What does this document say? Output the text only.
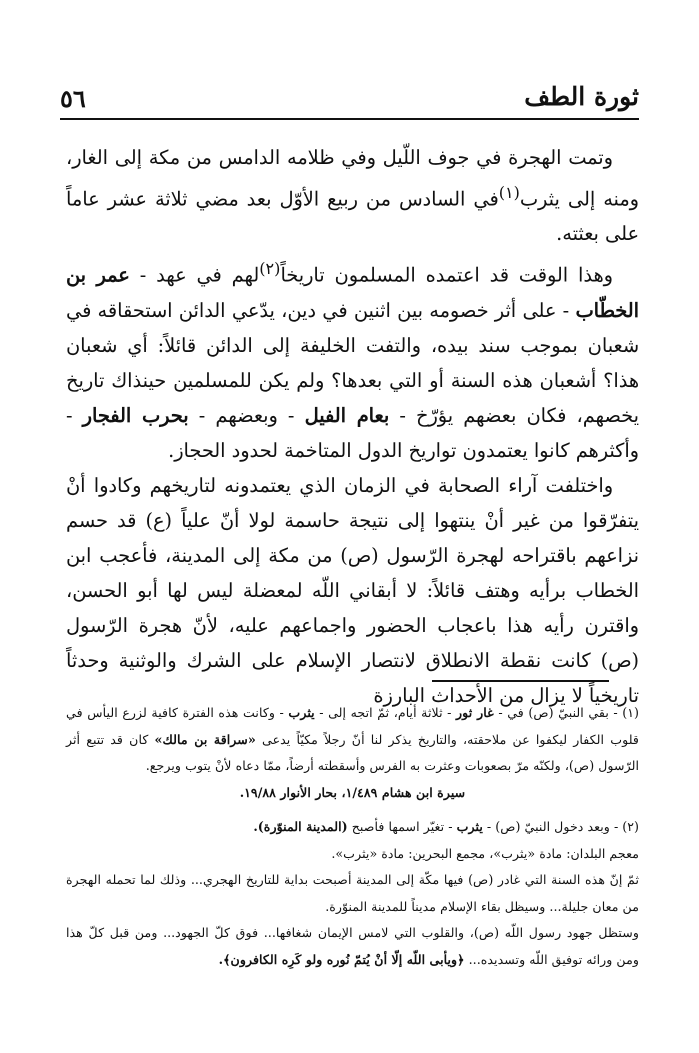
٥٦	ثورة الطف

وتمت الهجرة في جوف اللّيل وفي ظلامه الدامس من مكة إلى الغار، ومنه إلى يثرب$^{(١)}$في السادس من ربيع الأوّل بعد مضي ثلاثة عشر عاماً على بعثته.

وهذا الوقت قد اعتمده المسلمون تاريخاً$^{(٢)}$لهم في عهد - عمر بن الخطّاب - على أثر خصومه بين اثنين في دين، يدّعي الدائن استحقاقه في شعبان بموجب سند بيده، والتفت الخليفة إلى الدائن قائلاً: أي شعبان هذا؟ أشعبان هذه السنة أو التي بعدها؟ ولم يكن للمسلمين حينذاك تاريخ يخصهم، فكان بعضهم يؤرّخ - بعام الفيل - وبعضهم - بحرب الفجار - وأكثرهم كانوا يعتمدون تواريخ الدول المتاخمة لحدود الحجاز.

واختلفت آراء الصحابة في الزمان الذي يعتمدونه لتاريخهم وكادوا أنْ يتفرّقوا من غير أنْ ينتهوا إلى نتيجة حاسمة لولا أنّ علياً (ع) قد حسم نزاعهم باقتراحه لهجرة الرّسول (ص) من مكة إلى المدينة، فأعجب ابن الخطاب برأيه وهتف قائلاً: لا أبقاني اللّه لمعضلة ليس لها أبو الحسن، واقترن رأيه هذا باعجاب الحضور واجماعهم عليه، لأنّ هجرة الرّسول (ص) كانت نقطة الانطلاق لانتصار الإسلام على الشرك والوثنية وحدثاً تاريخياً لا يزال من الأحداث البارزة

(١) - بقي النبيّ (ص) في - غار ثور - ثلاثة أيام، ثمّ اتجه إلى - يثرب - وكانت هذه الفترة كافية لزرع اليأس في قلوب الكفار ليكفوا عن ملاحقته، والتاريخ يذكر لنا أنّ رجلاً مكيّاً يدعى «سراقة بن مالك» كان قد تتبع أثر الرّسول (ص)، ولكنّه مرّ بصعوبات وعثرت به الفرس وأسقطته أرضاً، ممّا دعاه لأنْ يتوب ويرجع.

سيرة ابن هشام ١/٤٨٩، بحار الأنوار ١٩/٨٨.

(٢) - وبعد دخول النبيّ (ص) - يثرب - تغيّر اسمها فأصبح (المدينة المنوّرة).

معجم البلدان: مادة «يثرب»، مجمع البحرين: مادة «يثرب».

ثمّ إنّ هذه السنة التي غادر (ص) فيها مكّة إلى المدينة أصبحت بداية للتاريخ الهجري... وذلك لما تحمله الهجرة من معان جليلة... وسيظل بقاء الإسلام مديناً للمدينة المنوّرة.

وستظل جهود رسول اللّه (ص)، والقلوب التي لامس الإيمان شغافها... فوق كلّ الجهود... ومن قبل كلّ هذا ومن ورائه توفيق اللّه وتسديده... ﴿ويأبى اللّه إلّا أنْ يُتمّ نُوره ولو كَرِه الكافرون﴾.
